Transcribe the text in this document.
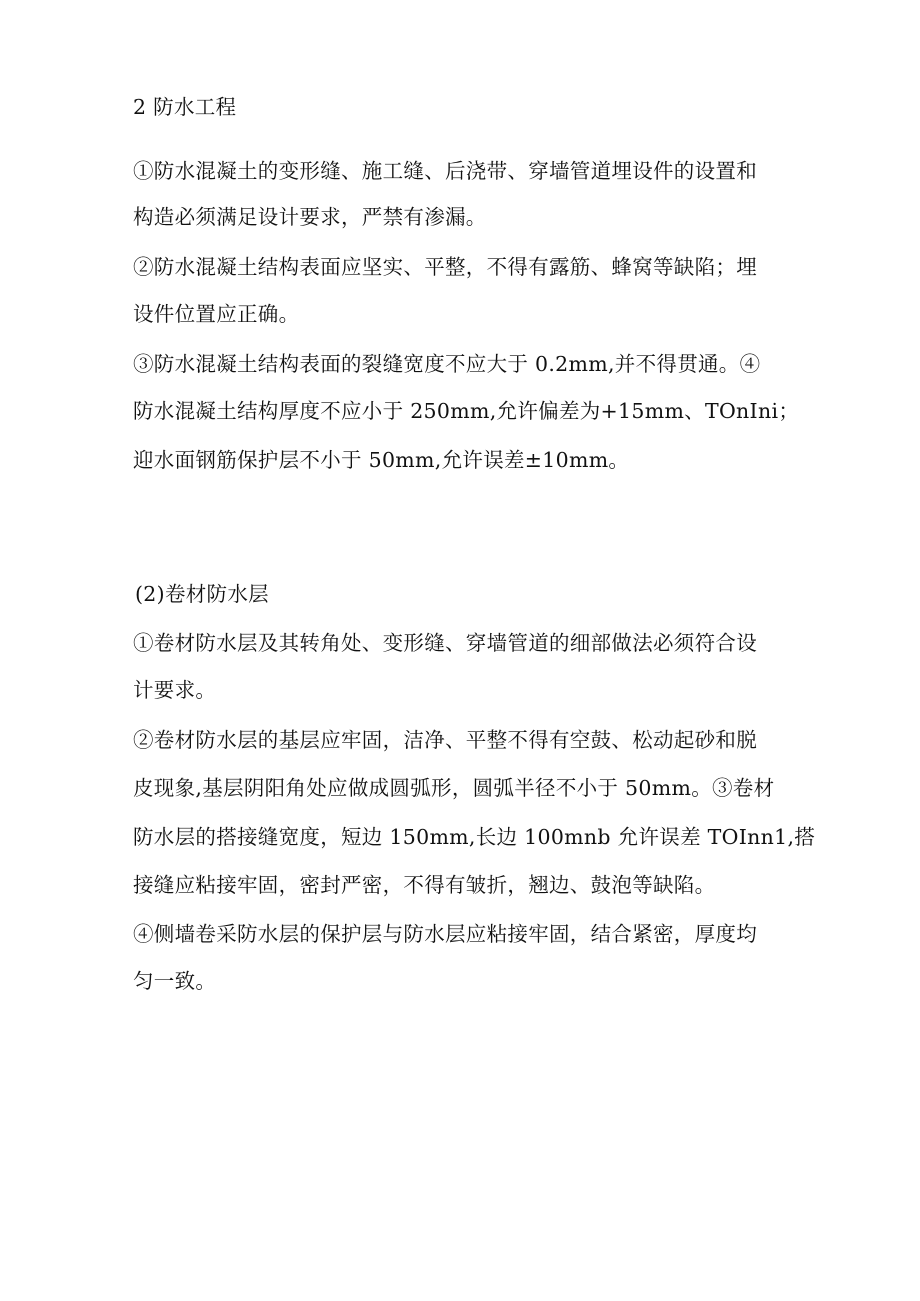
2 防水工程
①防水混凝土的变形缝、施工缝、后浇带、穿墙管道埋设件的设置和
构造必须满足设计要求，严禁有渗漏。
②防水混凝土结构表面应坚实、平整，不得有露筋、蜂窝等缺陷；埋
设件位置应正确。
③防水混凝土结构表面的裂缝宽度不应大于 0.2mm,并不得贯通。④
防水混凝土结构厚度不应小于 250mm,允许偏差为+15mm、TOnIni；
迎水面钢筋保护层不小于 50mm,允许误差±10mm。
(2)卷材防水层
①卷材防水层及其转角处、变形缝、穿墙管道的细部做法必须符合设
计要求。
②卷材防水层的基层应牢固，洁净、平整不得有空鼓、松动起砂和脱
皮现象,基层阴阳角处应做成圆弧形，圆弧半径不小于 50mm。③卷材
防水层的搭接缝宽度，短边 150mm,长边 100mnb 允许误差 TOInn1,搭
接缝应粘接牢固，密封严密，不得有皱折，翘边、鼓泡等缺陷。
④侧墙卷采防水层的保护层与防水层应粘接牢固，结合紧密，厚度均
匀一致。
